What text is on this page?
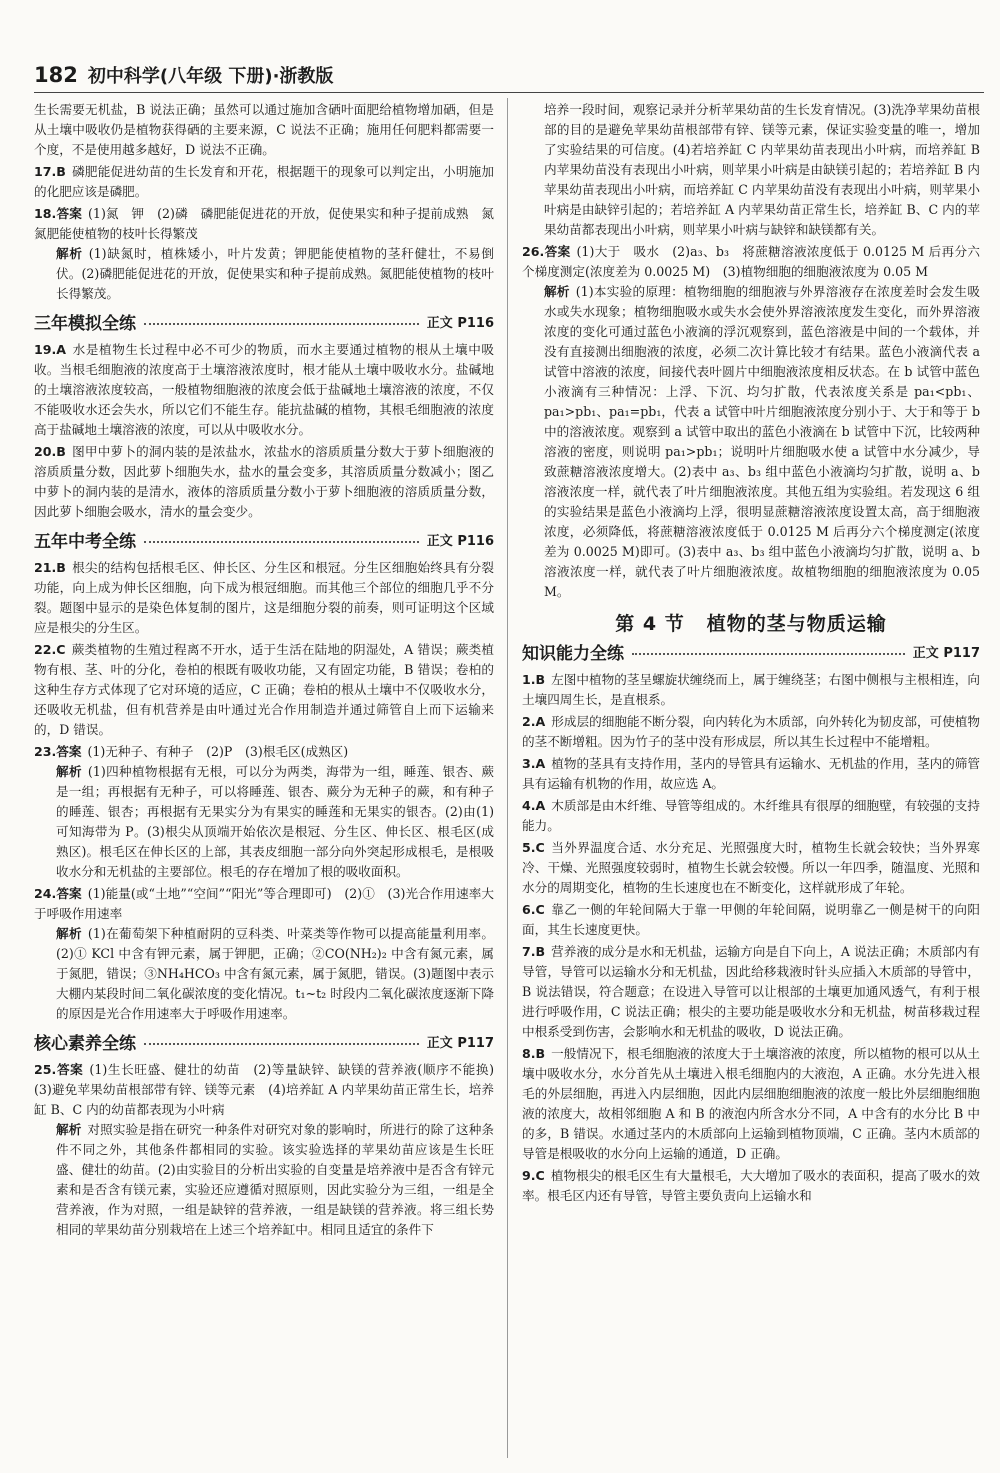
182 初中科学(八年级 下册)·浙教版

生长需要无机盐，B 说法正确；虽然可以通过施加含硒叶面肥给植物增加硒，但是从土壤中吸收仍是植物获得硒的主要来源，C 说法不正确；施用任何肥料都需要一个度，不是使用越多越好，D 说法不正确。

17.B 磷肥能促进幼苗的生长发育和开花，根据题干的现象可以判定出，小明施加的化肥应该是磷肥。

18.答案 (1)氮　钾　(2)磷　磷肥能促进花的开放，促使果实和种子提前成熟　氮　氮肥能使植物的枝叶长得繁茂

解析 (1)缺氮时，植株矮小，叶片发黄；钾肥能使植物的茎秆健壮，不易倒伏。(2)磷肥能促进花的开放，促使果实和种子提前成熟。氮肥能使植物的枝叶长得繁茂。

三年模拟全练	正文 P116

19.A 水是植物生长过程中必不可少的物质，而水主要通过植物的根从土壤中吸收。当根毛细胞液的浓度高于土壤溶液浓度时，根才能从土壤中吸收水分。盐碱地的土壤溶液浓度较高，一般植物细胞液的浓度会低于盐碱地土壤溶液的浓度，不仅不能吸收水还会失水，所以它们不能生存。能抗盐碱的植物，其根毛细胞液的浓度高于盐碱地土壤溶液的浓度，可以从中吸收水分。

20.B 图甲中萝卜的洞内装的是浓盐水，浓盐水的溶质质量分数大于萝卜细胞液的溶质质量分数，因此萝卜细胞失水，盐水的量会变多，其溶质质量分数减小；图乙中萝卜的洞内装的是清水，液体的溶质质量分数小于萝卜细胞液的溶质质量分数，因此萝卜细胞会吸水，清水的量会变少。

五年中考全练	正文 P116

21.B 根尖的结构包括根毛区、伸长区、分生区和根冠。分生区细胞始终具有分裂功能，向上成为伸长区细胞，向下成为根冠细胞。而其他三个部位的细胞几乎不分裂。题图中显示的是染色体复制的图片，这是细胞分裂的前奏，则可证明这个区域应是根尖的分生区。

22.C 蕨类植物的生殖过程离不开水，适于生活在陆地的阴湿处，A 错误；蕨类植物有根、茎、叶的分化，卷柏的根既有吸收功能，又有固定功能，B 错误；卷柏的这种生存方式体现了它对环境的适应，C 正确；卷柏的根从土壤中不仅吸收水分，还吸收无机盐，但有机营养是由叶通过光合作用制造并通过筛管自上而下运输来的，D 错误。

23.答案 (1)无种子、有种子　(2)P　(3)根毛区(成熟区)

解析 (1)四种植物根据有无根，可以分为两类，海带为一组，睡莲、银杏、蕨是一组；再根据有无种子，可以将睡莲、银杏、蕨分为无种子的蕨，和有种子的睡莲、银杏；再根据有无果实分为有果实的睡莲和无果实的银杏。(2)由(1)可知海带为 P。(3)根尖从顶端开始依次是根冠、分生区、伸长区、根毛区(成熟区)。根毛区在伸长区的上部，其表皮细胞一部分向外突起形成根毛，是根吸收水分和无机盐的主要部位。根毛的存在增加了根的吸收面积。

24.答案 (1)能量(或“土地”“空间”“阳光”等合理即可)　(2)①　(3)光合作用速率大于呼吸作用速率

解析 (1)在葡萄架下种植耐阴的豆科类、叶菜类等作物可以提高能量利用率。(2)① KCl 中含有钾元素，属于钾肥，正确；②CO(NH₂)₂ 中含有氮元素，属于氮肥，错误；③NH₄HCO₃ 中含有氮元素，属于氮肥，错误。(3)题图中表示大棚内某段时间二氧化碳浓度的变化情况。t₁~t₂ 时段内二氧化碳浓度逐渐下降的原因是光合作用速率大于呼吸作用速率。

核心素养全练	正文 P117

25.答案 (1)生长旺盛、健壮的幼苗　(2)等量缺锌、缺镁的营养液(顺序不能换)　(3)避免苹果幼苗根部带有锌、镁等元素　(4)培养缸 A 内苹果幼苗正常生长，培养缸 B、C 内的幼苗都表现为小叶病

解析 对照实验是指在研究一种条件对研究对象的影响时，所进行的除了这种条件不同之外，其他条件都相同的实验。该实验选择的苹果幼苗应该是生长旺盛、健壮的幼苗。(2)由实验目的分析出实验的自变量是培养液中是否含有锌元素和是否含有镁元素，实验还应遵循对照原则，因此实验分为三组，一组是全营养液，作为对照，一组是缺锌的营养液，一组是缺镁的营养液。将三组长势相同的苹果幼苗分别栽培在上述三个培养缸中。相同且适宜的条件下

培养一段时间，观察记录并分析苹果幼苗的生长发育情况。(3)洗净苹果幼苗根部的目的是避免苹果幼苗根部带有锌、镁等元素，保证实验变量的唯一，增加了实验结果的可信度。(4)若培养缸 C 内苹果幼苗表现出小叶病，而培养缸 B 内苹果幼苗没有表现出小叶病，则苹果小叶病是由缺镁引起的；若培养缸 B 内苹果幼苗表现出小叶病，而培养缸 C 内苹果幼苗没有表现出小叶病，则苹果小叶病是由缺锌引起的；若培养缸 A 内苹果幼苗正常生长，培养缸 B、C 内的苹果幼苗都表现出小叶病，则苹果小叶病与缺锌和缺镁都有关。

26.答案 (1)大于　吸水　(2)a₃、b₃　将蔗糖溶液浓度低于 0.0125 M 后再分六个梯度测定(浓度差为 0.0025 M)　(3)植物细胞的细胞液浓度为 0.05 M

解析 (1)本实验的原理：植物细胞的细胞液与外界溶液存在浓度差时会发生吸水或失水现象；植物细胞吸水或失水会使外界溶液浓度发生变化，而外界溶液浓度的变化可通过蓝色小液滴的浮沉观察到，蓝色溶液是中间的一个载体，并没有直接测出细胞液的浓度，必须二次计算比较才有结果。蓝色小液滴代表 a 试管中溶液的浓度，间接代表叶圆片中细胞液浓度相反状态。在 b 试管中蓝色小液滴有三种情况：上浮、下沉、均匀扩散，代表浓度关系是 pa₁<pb₁、pa₁>pb₁、pa₁=pb₁，代表 a 试管中叶片细胞液浓度分别小于、大于和等于 b 中的溶液浓度。观察到 a 试管中取出的蓝色小液滴在 b 试管中下沉，比较两种溶液的密度，则说明 pa₁>pb₁；说明叶片细胞吸水使 a 试管中水分减少，导致蔗糖溶液浓度增大。(2)表中 a₃、b₃ 组中蓝色小液滴均匀扩散，说明 a、b 溶液浓度一样，就代表了叶片细胞液浓度。其他五组为实验组。若发现这 6 组的实验结果是蓝色小液滴均上浮，很明显蔗糖溶液浓度设置太高，高于细胞液浓度，必须降低，将蔗糖溶液浓度低于 0.0125 M 后再分六个梯度测定(浓度差为 0.0025 M)即可。(3)表中 a₃、b₃ 组中蓝色小液滴均匀扩散，说明 a、b 溶液浓度一样，就代表了叶片细胞液浓度。故植物细胞的细胞液浓度为 0.05 M。

第 4 节 植物的茎与物质运输
知识能力全练	正文 P117

1.B 左图中植物的茎呈螺旋状缠绕而上，属于缠绕茎；右图中侧根与主根相连，向土壤四周生长，是直根系。

2.A 形成层的细胞能不断分裂，向内转化为木质部，向外转化为韧皮部，可使植物的茎不断增粗。因为竹子的茎中没有形成层，所以其生长过程中不能增粗。

3.A 植物的茎具有支持作用，茎内的导管具有运输水、无机盐的作用，茎内的筛管具有运输有机物的作用，故应选 A。

4.A 木质部是由木纤维、导管等组成的。木纤维具有很厚的细胞壁，有较强的支持能力。

5.C 当外界温度合适、水分充足、光照强度大时，植物生长就会较快；当外界寒冷、干燥、光照强度较弱时，植物生长就会较慢。所以一年四季，随温度、光照和水分的周期变化，植物的生长速度也在不断变化，这样就形成了年轮。

6.C 靠乙一侧的年轮间隔大于靠一甲侧的年轮间隔，说明靠乙一侧是树干的向阳面，其生长速度更快。

7.B 营养液的成分是水和无机盐，运输方向是自下向上，A 说法正确；木质部内有导管，导管可以运输水分和无机盐，因此给移栽液时针头应插入木质部的导管中，B 说法错误，符合题意；在设进入导管可以让根部的土壤更加通风透气，有利于根进行呼吸作用，C 说法正确；根尖的主要功能是吸收水分和无机盐，树苗移栽过程中根系受到伤害，会影响水和无机盐的吸收，D 说法正确。

8.B 一般情况下，根毛细胞液的浓度大于土壤溶液的浓度，所以植物的根可以从土壤中吸收水分，水分首先从土壤进入根毛细胞内的大液泡，A 正确。水分先进入根毛的外层细胞，再进入内层细胞，因此内层细胞细胞液的浓度一般比外层细胞细胞液的浓度大，故相邻细胞 A 和 B 的液泡内所含水分不同，A 中含有的水分比 B 中的多，B 错误。水通过茎内的木质部向上运输到植物顶端，C 正确。茎内木质部的导管是根吸收的水分向上运输的通道，D 正确。

9.C 植物根尖的根毛区生有大量根毛，大大增加了吸水的表面积，提高了吸水的效率。根毛区内还有导管，导管主要负责向上运输水和
